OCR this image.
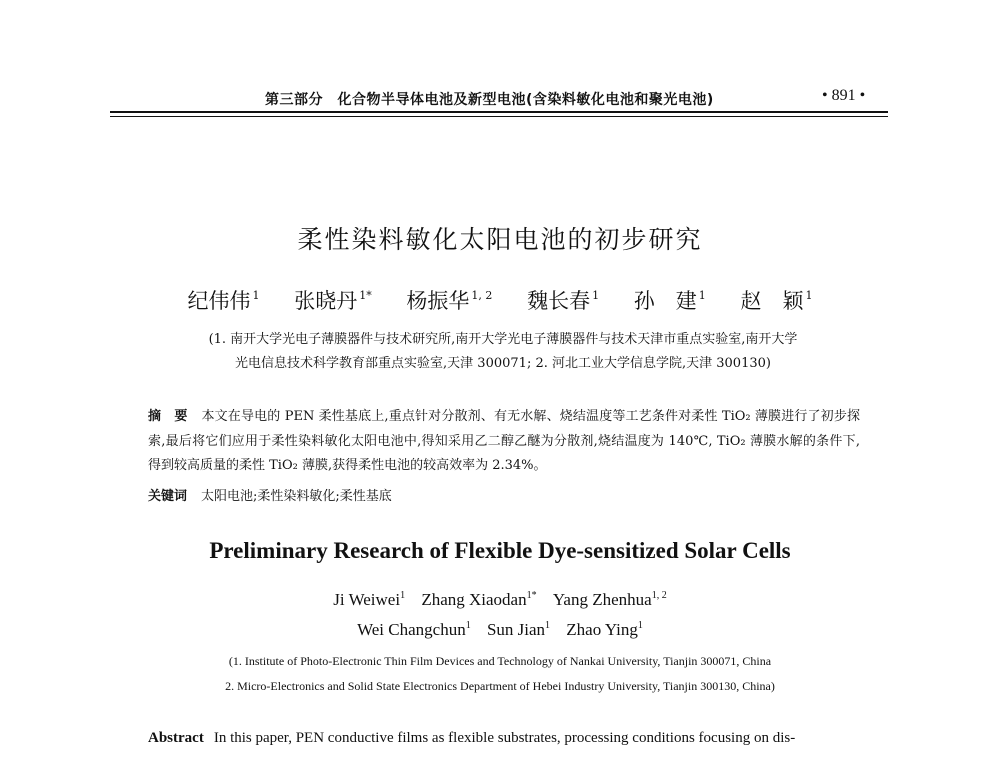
第三部分　化合物半导体电池及新型电池(含染料敏化电池和聚光电池)	• 891 •
柔性染料敏化太阳电池的初步研究
纪伟伟 $^1$ 张晓丹 $^{1*}$ 杨振华 $^{1, 2}$ 魏长春 $^1$ 孙　建 $^1$ 赵　颖 $^1$
(1. 南开大学光电子薄膜器件与技术研究所,南开大学光电子薄膜器件与技术天津市重点实验室,南开大学
光电信息技术科学教育部重点实验室,天津 300071; 2. 河北工业大学信息学院,天津 300130)
摘　要 本文在导电的 PEN 柔性基底上,重点针对分散剂、有无水解、烧结温度等工艺条件对柔性 TiO₂ 薄膜进行了初步探索,最后将它们应用于柔性染料敏化太阳电池中,得知采用乙二醇乙醚为分散剂,烧结温度为 140℃, TiO₂ 薄膜水解的条件下,得到较高质量的柔性 TiO₂ 薄膜,获得柔性电池的较高效率为 2.34%。
关键词 太阳电池;柔性染料敏化;柔性基底
Preliminary Research of Flexible Dye-sensitized Solar Cells
Ji Weiwei$^1$ Zhang Xiaodan$^{1*}$ Yang Zhenhua$^{1, 2}$
Wei Changchun$^1$ Sun Jian$^1$ Zhao Ying$^1$
(1. Institute of Photo-Electronic Thin Film Devices and Technology of Nankai University, Tianjin 300071, China
2. Micro-Electronics and Solid State Electronics Department of Hebei Industry University, Tianjin 300130, China)
Abstract In this paper, PEN conductive films as flexible substrates, processing conditions focusing on dis-
